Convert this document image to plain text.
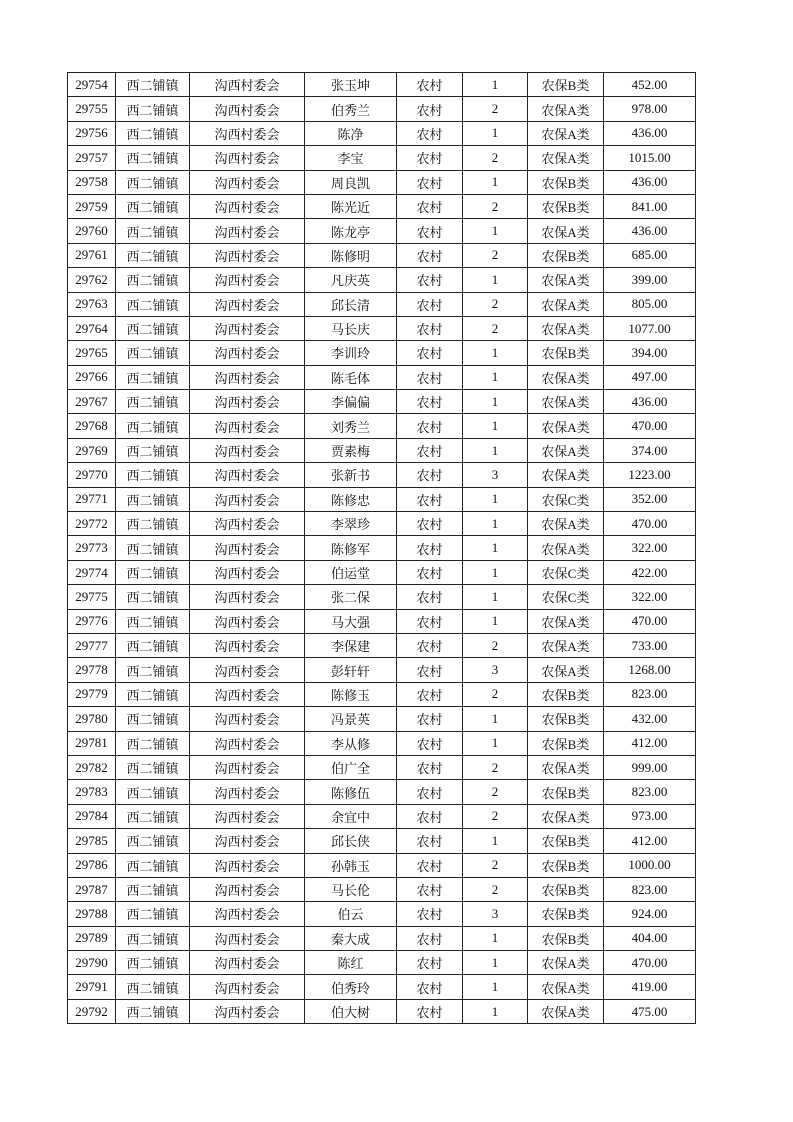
29754	西二铺镇	沟西村委会	张玉坤	农村	1	农保B类	452.00
29755	西二铺镇	沟西村委会	伯秀兰	农村	2	农保A类	978.00
29756	西二铺镇	沟西村委会	陈净	农村	1	农保A类	436.00
29757	西二铺镇	沟西村委会	李宝	农村	2	农保A类	1015.00
29758	西二铺镇	沟西村委会	周良凯	农村	1	农保B类	436.00
29759	西二铺镇	沟西村委会	陈光近	农村	2	农保B类	841.00
29760	西二铺镇	沟西村委会	陈龙亭	农村	1	农保A类	436.00
29761	西二铺镇	沟西村委会	陈修明	农村	2	农保B类	685.00
29762	西二铺镇	沟西村委会	凡庆英	农村	1	农保A类	399.00
29763	西二铺镇	沟西村委会	邱长清	农村	2	农保A类	805.00
29764	西二铺镇	沟西村委会	马长庆	农村	2	农保A类	1077.00
29765	西二铺镇	沟西村委会	李训玲	农村	1	农保B类	394.00
29766	西二铺镇	沟西村委会	陈毛体	农村	1	农保A类	497.00
29767	西二铺镇	沟西村委会	李偏偏	农村	1	农保A类	436.00
29768	西二铺镇	沟西村委会	刘秀兰	农村	1	农保A类	470.00
29769	西二铺镇	沟西村委会	贾素梅	农村	1	农保A类	374.00
29770	西二铺镇	沟西村委会	张新书	农村	3	农保A类	1223.00
29771	西二铺镇	沟西村委会	陈修忠	农村	1	农保C类	352.00
29772	西二铺镇	沟西村委会	李翠珍	农村	1	农保A类	470.00
29773	西二铺镇	沟西村委会	陈修军	农村	1	农保A类	322.00
29774	西二铺镇	沟西村委会	伯运堂	农村	1	农保C类	422.00
29775	西二铺镇	沟西村委会	张二保	农村	1	农保C类	322.00
29776	西二铺镇	沟西村委会	马大强	农村	1	农保A类	470.00
29777	西二铺镇	沟西村委会	李保建	农村	2	农保A类	733.00
29778	西二铺镇	沟西村委会	彭轩轩	农村	3	农保A类	1268.00
29779	西二铺镇	沟西村委会	陈修玉	农村	2	农保B类	823.00
29780	西二铺镇	沟西村委会	冯景英	农村	1	农保B类	432.00
29781	西二铺镇	沟西村委会	李从修	农村	1	农保B类	412.00
29782	西二铺镇	沟西村委会	伯广全	农村	2	农保A类	999.00
29783	西二铺镇	沟西村委会	陈修伍	农村	2	农保B类	823.00
29784	西二铺镇	沟西村委会	余宜中	农村	2	农保A类	973.00
29785	西二铺镇	沟西村委会	邱长侠	农村	1	农保B类	412.00
29786	西二铺镇	沟西村委会	孙韩玉	农村	2	农保B类	1000.00
29787	西二铺镇	沟西村委会	马长伦	农村	2	农保B类	823.00
29788	西二铺镇	沟西村委会	伯云	农村	3	农保B类	924.00
29789	西二铺镇	沟西村委会	秦大成	农村	1	农保B类	404.00
29790	西二铺镇	沟西村委会	陈红	农村	1	农保A类	470.00
29791	西二铺镇	沟西村委会	伯秀玲	农村	1	农保A类	419.00
29792	西二铺镇	沟西村委会	伯大树	农村	1	农保A类	475.00
